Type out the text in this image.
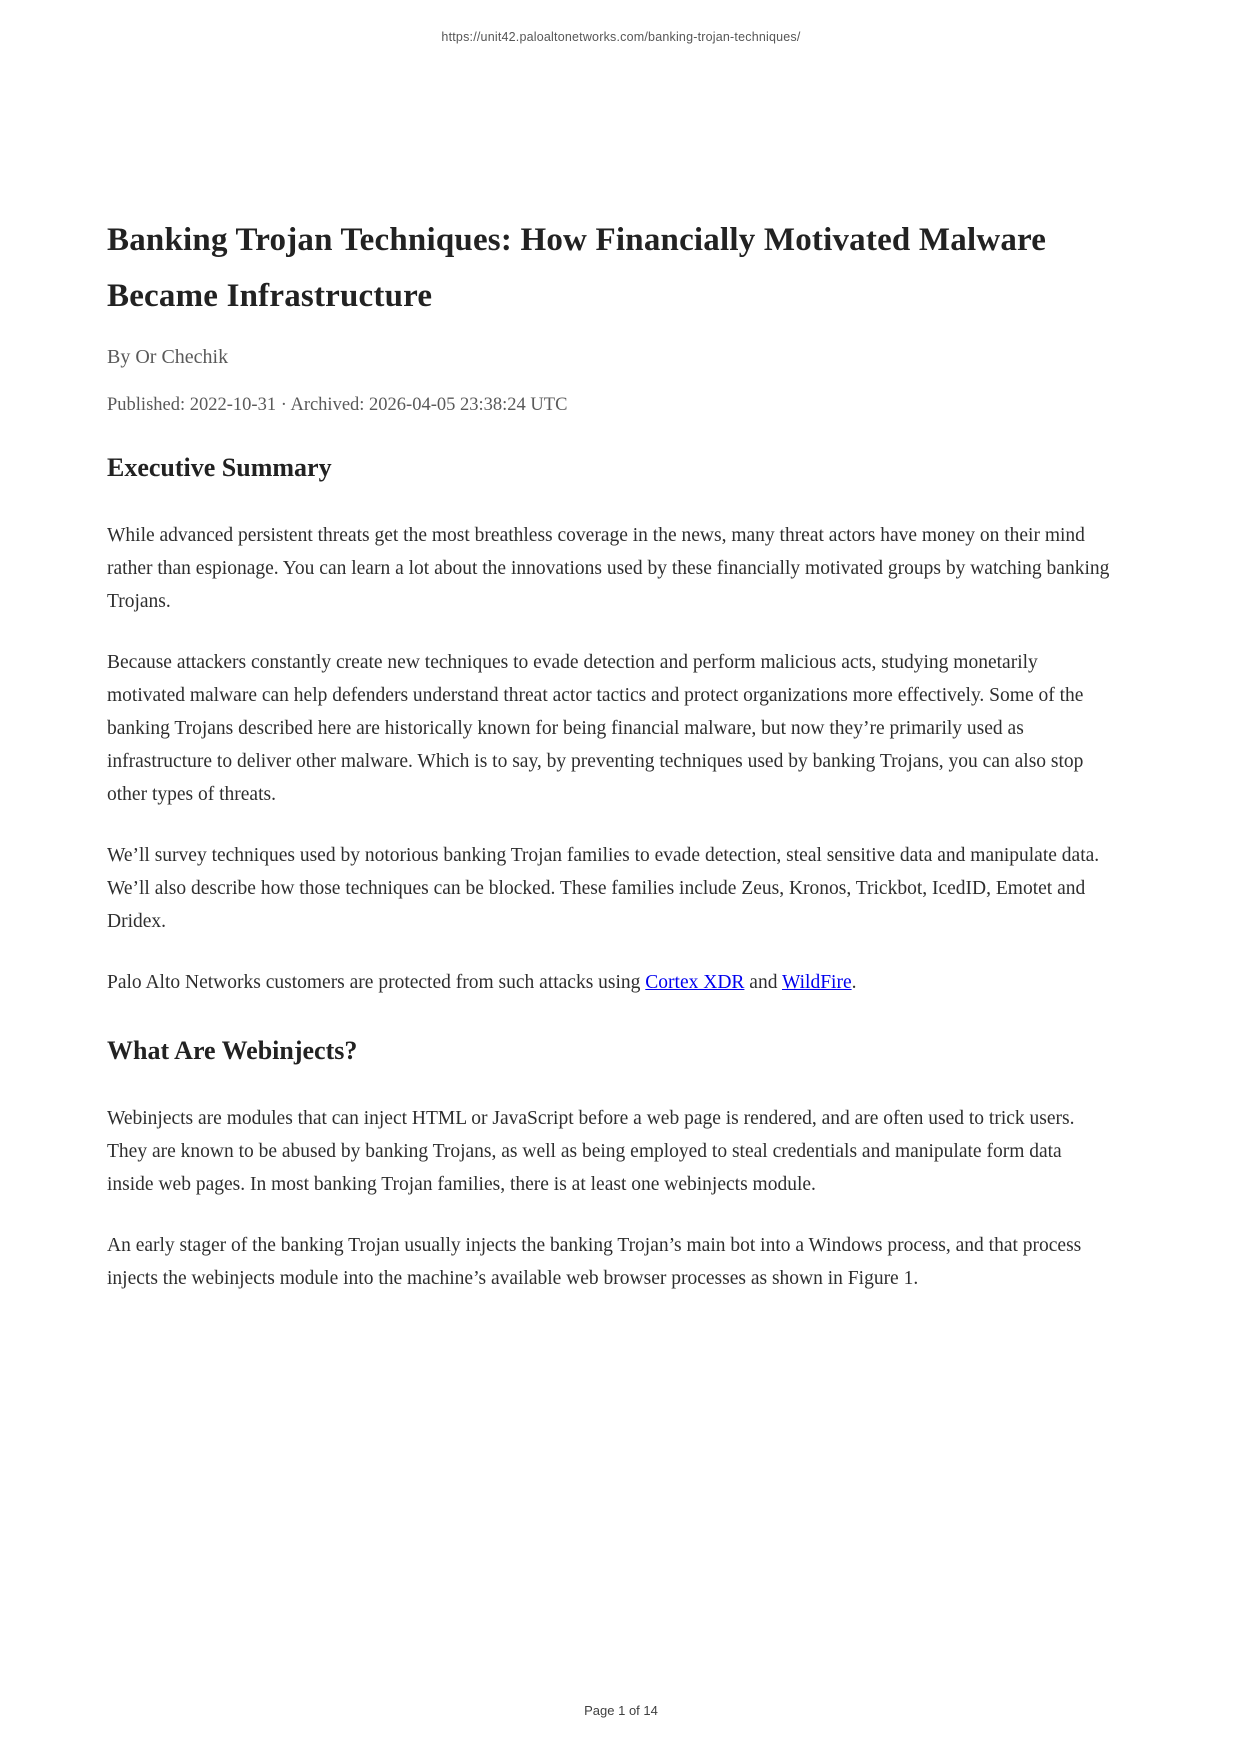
https://unit42.paloaltonetworks.com/banking-trojan-techniques/
Banking Trojan Techniques: How Financially Motivated Malware Became Infrastructure
By Or Chechik
Published: 2022-10-31 · Archived: 2026-04-05 23:38:24 UTC
Executive Summary

While advanced persistent threats get the most breathless coverage in the news, many threat actors have money on their mind rather than espionage. You can learn a lot about the innovations used by these financially motivated groups by watching banking Trojans.

Because attackers constantly create new techniques to evade detection and perform malicious acts, studying monetarily motivated malware can help defenders understand threat actor tactics and protect organizations more effectively. Some of the banking Trojans described here are historically known for being financial malware, but now they’re primarily used as infrastructure to deliver other malware. Which is to say, by preventing techniques used by banking Trojans, you can also stop other types of threats.

We’ll survey techniques used by notorious banking Trojan families to evade detection, steal sensitive data and manipulate data. We’ll also describe how those techniques can be blocked. These families include Zeus, Kronos, Trickbot, IcedID, Emotet and Dridex.

Palo Alto Networks customers are protected from such attacks using Cortex XDR and WildFire.

What Are Webinjects?

Webinjects are modules that can inject HTML or JavaScript before a web page is rendered, and are often used to trick users. They are known to be abused by banking Trojans, as well as being employed to steal credentials and manipulate form data inside web pages. In most banking Trojan families, there is at least one webinjects module.

An early stager of the banking Trojan usually injects the banking Trojan’s main bot into a Windows process, and that process injects the webinjects module into the machine’s available web browser processes as shown in Figure 1.

Page 1 of 14
